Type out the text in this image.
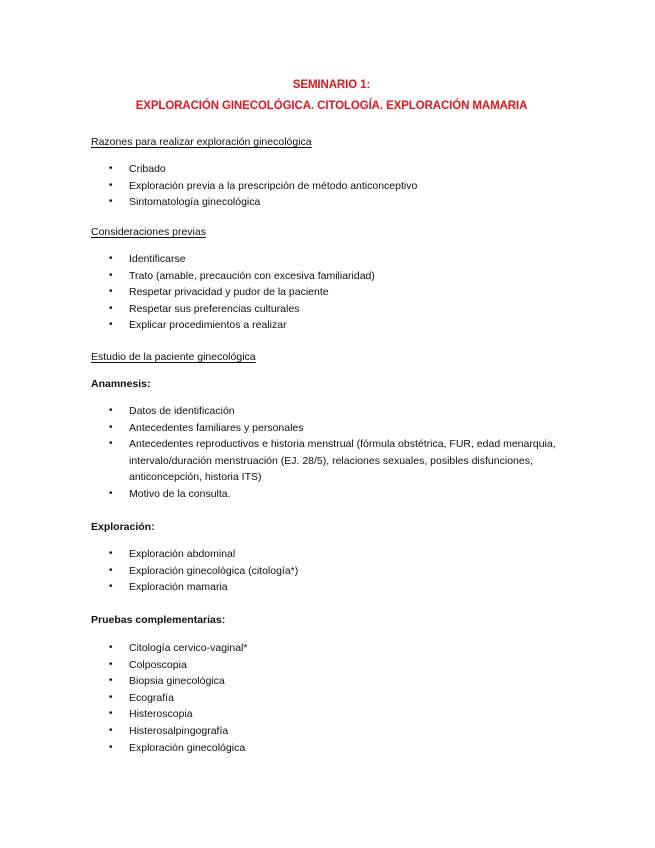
SEMINARIO 1:
EXPLORACIÓN GINECOLÓGICA. CITOLOGÍA. EXPLORACIÓN MAMARIA
Razones para realizar exploración ginecológica
• Cribado
• Exploración previa a la prescripción de método anticonceptivo
• Sintomatología ginecológica
Consideraciones previas
• Identificarse
• Trato (amable, precaución con excesiva familiaridad)
• Respetar privacidad y pudor de la paciente
• Respetar sus preferencias culturales
• Explicar procedimientos a realizar
Estudio de la paciente ginecológica
Anamnesis:
• Datos de identificación
• Antecedentes familiares y personales
• Antecedentes reproductivos e historia menstrual (fórmula obstétrica, FUR, edad menarquia, intervalo/duración menstruación (EJ. 28/5), relaciones sexuales, posibles disfunciones, anticoncepción, historia ITS)
• Motivo de la consulta.
Exploración:
• Exploración abdominal
• Exploración ginecológica (citología*)
• Exploración mamaria
Pruebas complementarias:
• Citología cervico-vaginal*
• Colposcopia
• Biopsia ginecológica
• Ecografía
• Histeroscopia
• Histerosalpingografía
• Exploración ginecológica
